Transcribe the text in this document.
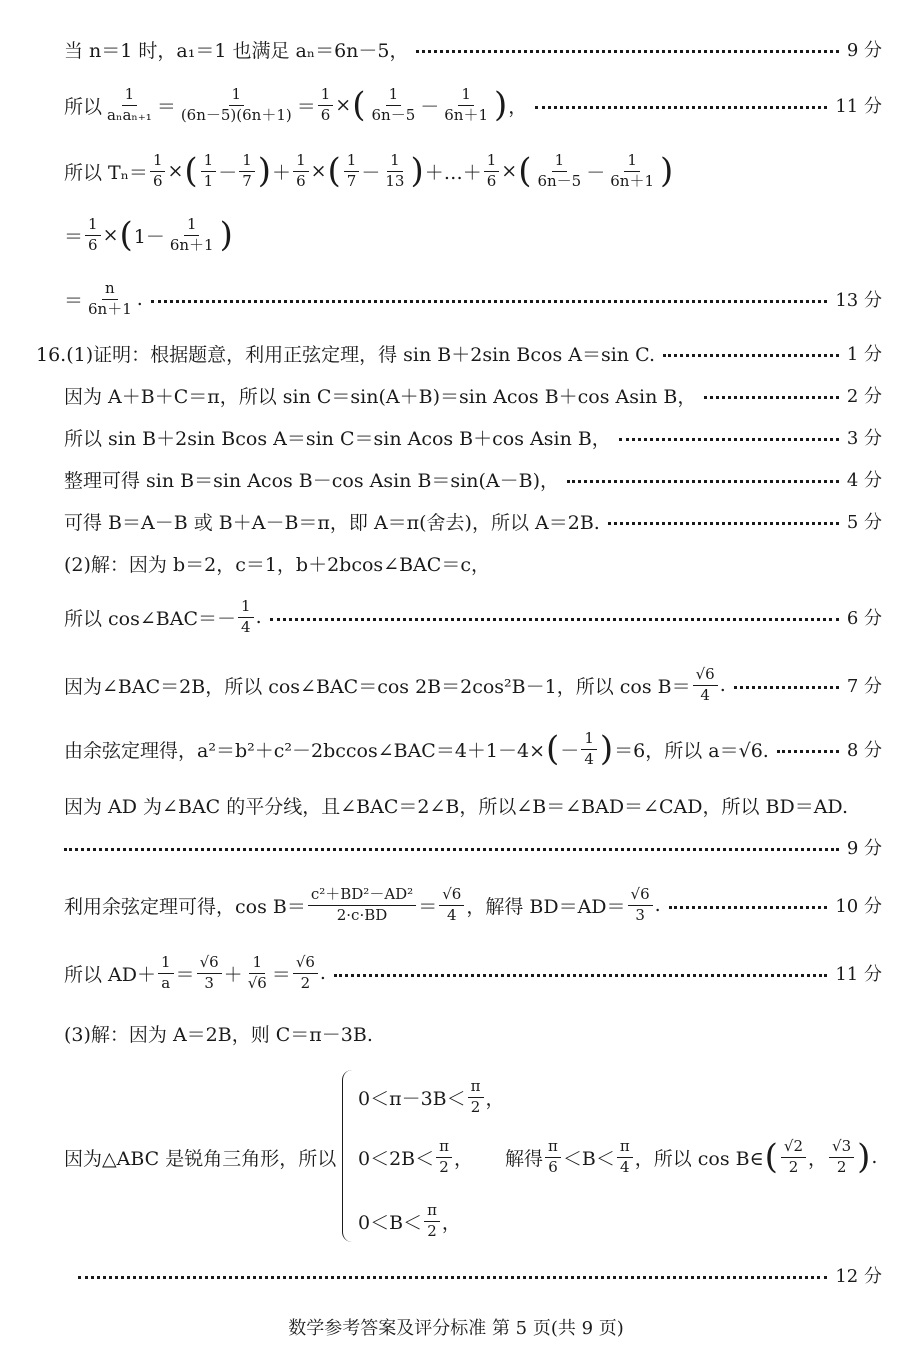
当 n＝1 时，a₁＝1 也满足 aₙ＝6n－5，	9 分
所以 $\frac{1}{\text{aₙaₙ₊₁}} = \frac{1}{(6n-5)(6n+1)} = \frac{1}{6}$ × ( $\frac{1}{6n-5} - \frac{1}{6n+1}$ ) ，	11 分
所以 $T_n= \frac{1}{6}$ × ( $\frac{1}{1} - \frac{1}{7}$ ) ＋ $\frac{1}{6}$ × ( $\frac{1}{7} - \frac{1}{13}$ ) ＋…＋ $\frac{1}{6}$ × ( $\frac{1}{6n-5} - \frac{1}{6n+1}$ )
＝ $\frac{1}{6}$ × ( $1- \frac{1}{6n+1}$ )
＝ $\frac{n}{6n+1}$ .	13 分
16.(1)证明：根据题意，利用正弦定理，得 sin B＋2sin Bcos A＝sin C.	1 分
因为 A＋B＋C＝π，所以 sin C＝sin(A＋B)＝sin Acos B＋cos Asin B，	2 分
所以 sin B＋2sin Bcos A＝sin C＝sin Acos B＋cos Asin B，	3 分
整理可得 sin B＝sin Acos B－cos Asin B＝sin(A－B)，	4 分
可得 B＝A－B 或 B＋A－B＝π，即 A＝π(舍去)，所以 A＝2B.	5 分
(2)解：因为 b＝2，c＝1，b＋2bcos∠BAC＝c，
所以 cos∠BAC＝－ $\frac{1}{4}$ .	6 分
因为∠BAC＝2B，所以 cos∠BAC＝cos 2B＝2cos²B－1，所以 $\cos B= \frac{√6}{4}$ .	7 分
由余弦定理得，a²＝b²＋c²－2bccos∠BAC＝4＋1－4× ( － $\frac{1}{4}$ ) ＝6，所以 a＝√6.	8 分
因为 AD 为∠BAC 的平分线，且∠BAC＝2∠B，所以∠B＝∠BAD＝∠CAD，所以 BD＝AD.
9 分
利用余弦定理可得，$\cos B= \frac{\text{c²＋BD²－AD²}}{2\cdot c\cdot BD} = \frac{√6}{4}$ ，解得 $BD=AD= \frac{√6}{3}$ .	10 分
所以 $AD+ \frac{1}{a} = \frac{√6}{3} + \frac{1}{√6} = \frac{√6}{2}$ .	11 分
(3)解：因为 A＝2B，则 C＝π－3B.
因为△ABC 是锐角三角形，所以
$0<\pi-3B< \frac{\pi}{2}$ ，
$0<2B< \frac{\pi}{2}$ ， 解得 $\frac{\pi}{6} <B< \frac{\pi}{4}$ ，所以 cos B∈ ( $\frac{√2}{2}$ ， $\frac{√3}{2}$ ) .
$0<B< \frac{\pi}{2}$ ，
12 分
数学参考答案及评分标准 第 5 页(共 9 页)
